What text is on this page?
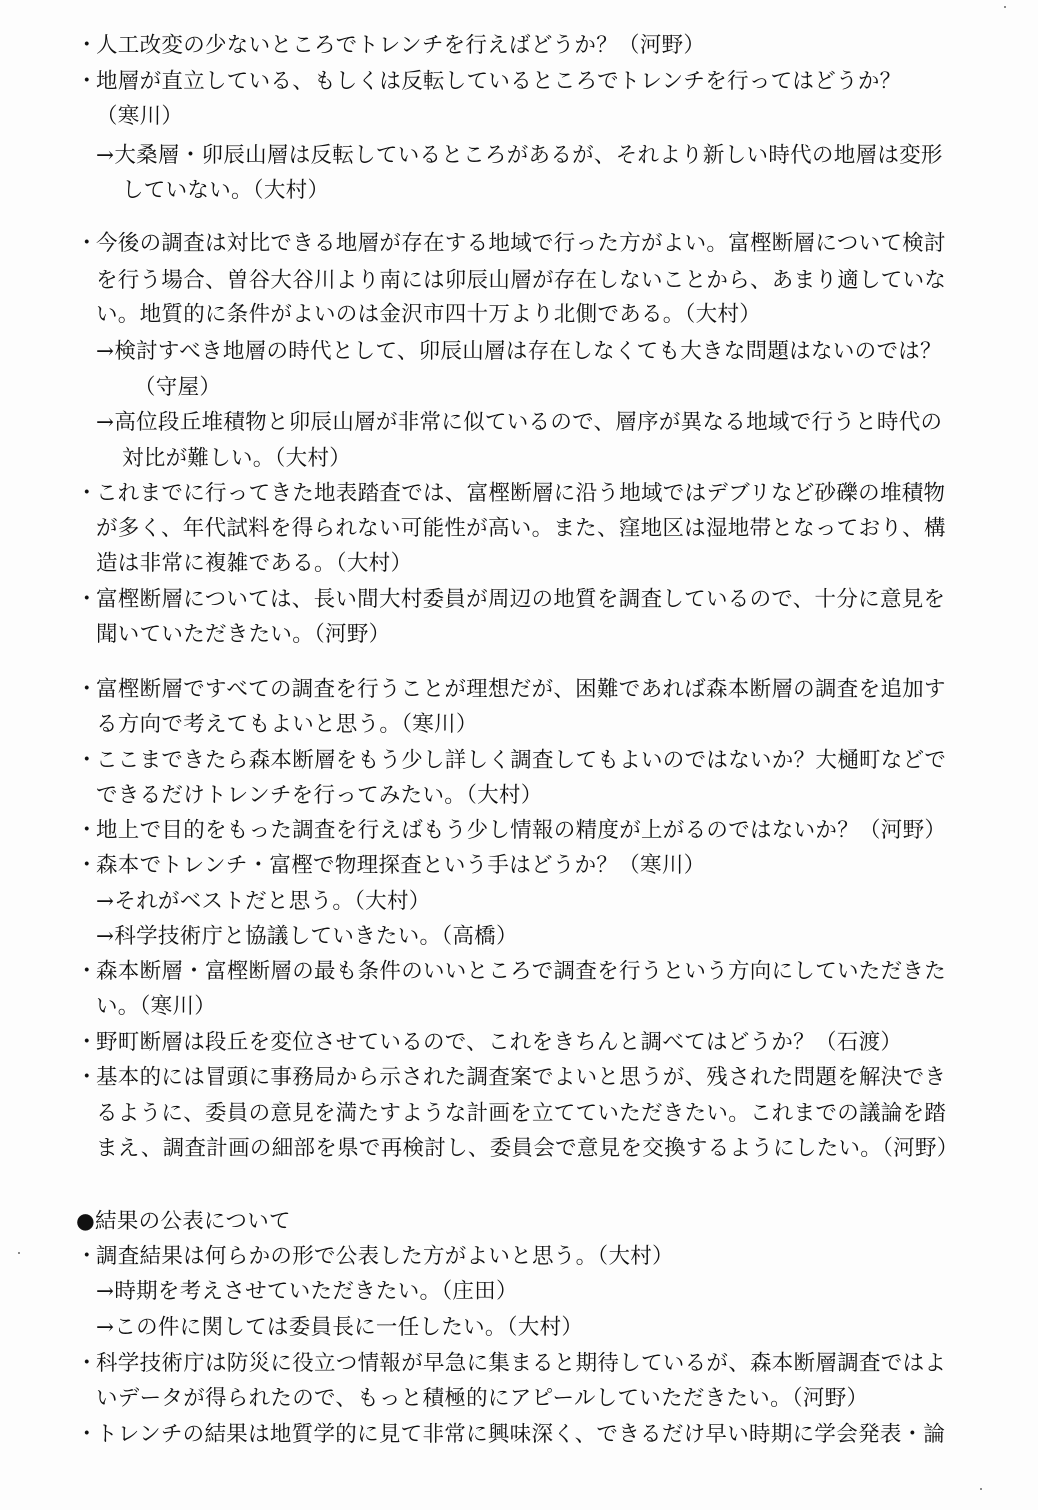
・
人工改変の少ないところでトレンチを行えばどうか？（河野）
・
地層が直立している、もしくは反転しているところでトレンチを行ってはどうか？
（寒川）
→大桑層・卯辰山層は反転しているところがあるが、それより新しい時代の地層は変形
していない。（大村）
・
今後の調査は対比できる地層が存在する地域で行った方がよい。富樫断層について検討
を行う場合、曽谷大谷川より南には卯辰山層が存在しないことから、あまり適していな
い。地質的に条件がよいのは金沢市四十万より北側である。（大村）
→検討すべき地層の時代として、卯辰山層は存在しなくても大きな問題はないのでは？
（守屋）
→高位段丘堆積物と卯辰山層が非常に似ているので、層序が異なる地域で行うと時代の
対比が難しい。（大村）
・
これまでに行ってきた地表踏査では、富樫断層に沿う地域ではデブリなど砂礫の堆積物
が多く、年代試料を得られない可能性が高い。また、窪地区は湿地帯となっており、構
造は非常に複雑である。（大村）
・
富樫断層については、長い間大村委員が周辺の地質を調査しているので、十分に意見を
聞いていただきたい。（河野）
・
富樫断層ですべての調査を行うことが理想だが、困難であれば森本断層の調査を追加す
る方向で考えてもよいと思う。（寒川）
・
ここまできたら森本断層をもう少し詳しく調査してもよいのではないか？大樋町などで
できるだけトレンチを行ってみたい。（大村）
・
地上で目的をもった調査を行えばもう少し情報の精度が上がるのではないか？（河野）
・
森本でトレンチ・富樫で物理探査という手はどうか？（寒川）
→それがベストだと思う。（大村）
→科学技術庁と協議していきたい。（高橋）
・
森本断層・富樫断層の最も条件のいいところで調査を行うという方向にしていただきた
い。（寒川）
・
野町断層は段丘を変位させているので、これをきちんと調べてはどうか？（石渡）
・
基本的には冒頭に事務局から示された調査案でよいと思うが、残された問題を解決でき
るように、委員の意見を満たすような計画を立てていただきたい。これまでの議論を踏
まえ、調査計画の細部を県で再検討し、委員会で意見を交換するようにしたい。（河野）
●結果の公表について
・
調査結果は何らかの形で公表した方がよいと思う。（大村）
→時期を考えさせていただきたい。（庄田）
→この件に関しては委員長に一任したい。（大村）
・
科学技術庁は防災に役立つ情報が早急に集まると期待しているが、森本断層調査ではよ
いデータが得られたので、もっと積極的にアピールしていただきたい。（河野）
・
トレンチの結果は地質学的に見て非常に興味深く、できるだけ早い時期に学会発表・論
